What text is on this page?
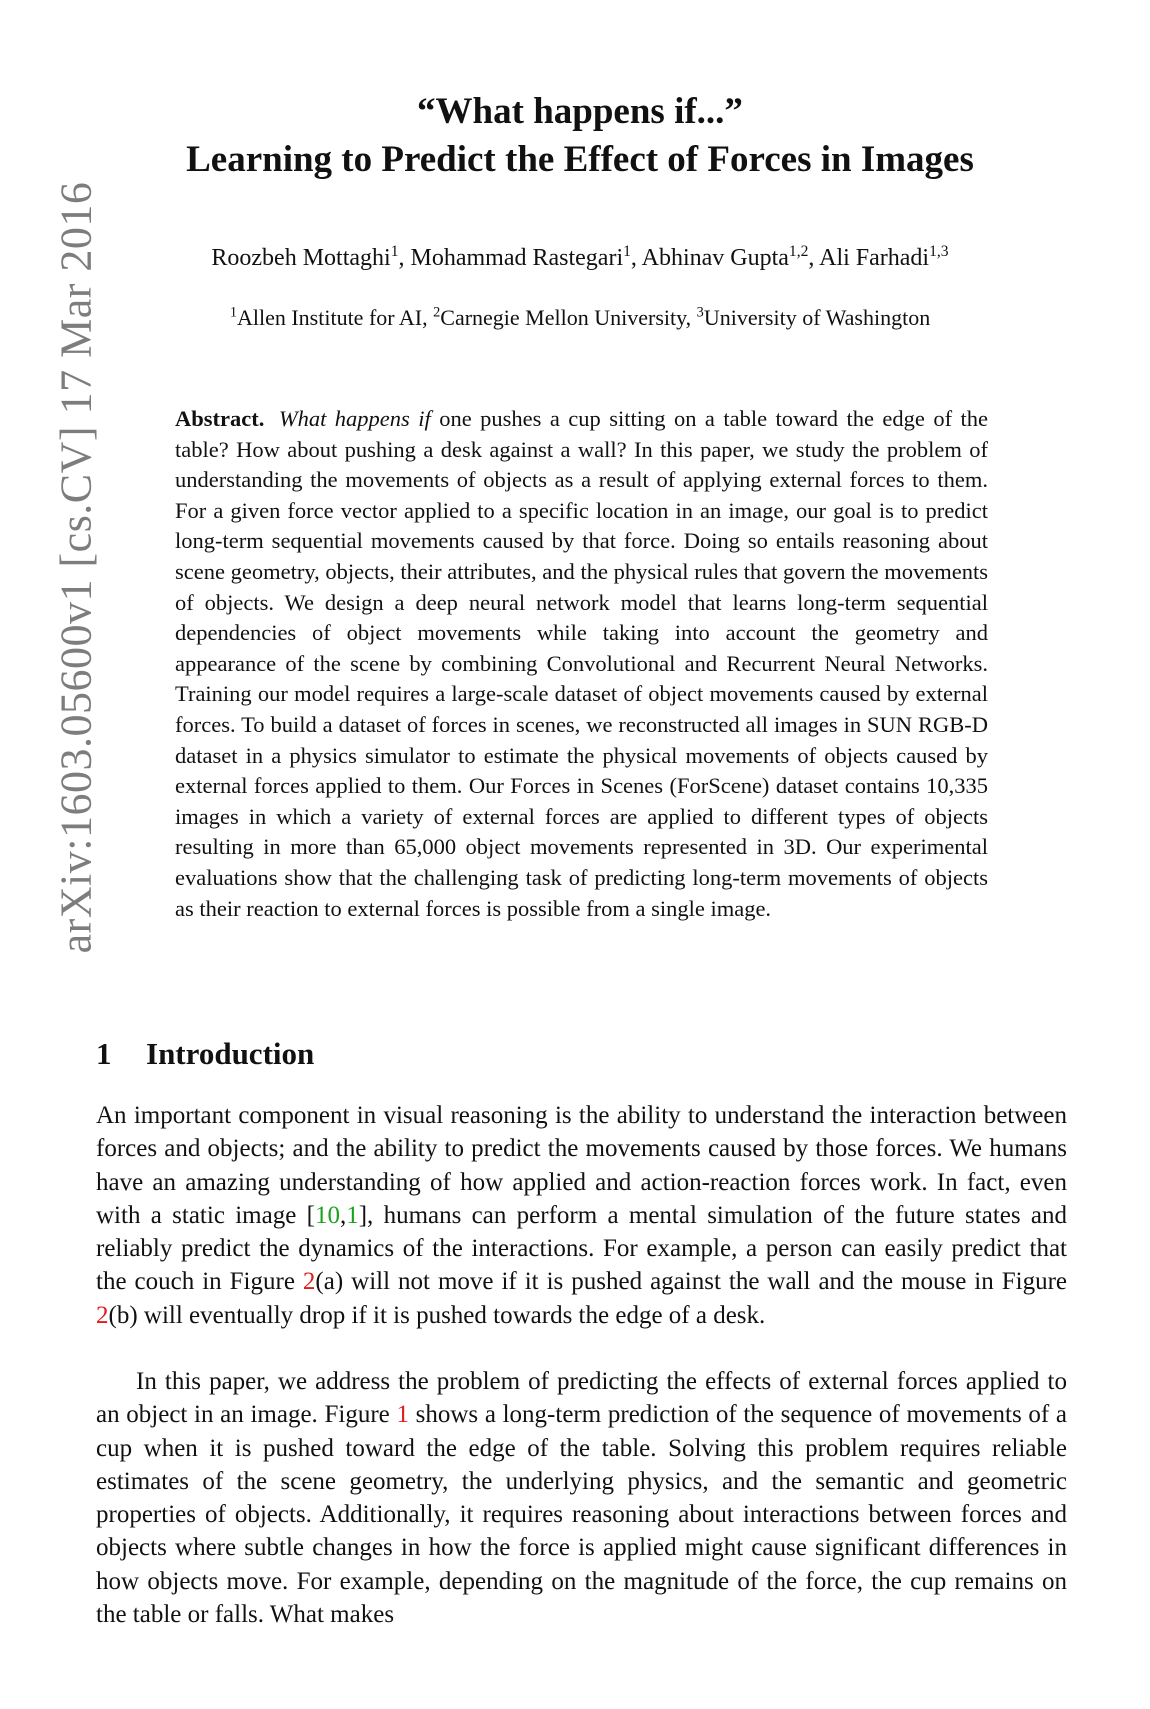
arXiv:1603.05600v1 [cs.CV] 17 Mar 2016
“What happens if...”
Learning to Predict the Effect of Forces in Images
Roozbeh Mottaghi$^1$, Mohammad Rastegari$^1$, Abhinav Gupta$^{1,2}$, Ali Farhadi$^{1,3}$
$^1$Allen Institute for AI, $^2$Carnegie Mellon University, $^3$University of Washington
Abstract. What happens if one pushes a cup sitting on a table toward the edge of the table? How about pushing a desk against a wall? In this paper, we study the problem of understanding the movements of objects as a result of applying external forces to them. For a given force vector applied to a specific location in an image, our goal is to predict long-term sequential movements caused by that force. Doing so entails reasoning about scene geometry, objects, their attributes, and the physical rules that govern the movements of objects. We design a deep neural network model that learns long-term sequential dependencies of object movements while taking into account the geometry and appearance of the scene by combining Convolutional and Recurrent Neural Networks. Training our model requires a large-scale dataset of object movements caused by external forces. To build a dataset of forces in scenes, we reconstructed all images in SUN RGB-D dataset in a physics simulator to estimate the physical movements of objects caused by external forces applied to them. Our Forces in Scenes (ForScene) dataset contains 10,335 images in which a variety of external forces are applied to different types of objects resulting in more than 65,000 object movements represented in 3D. Our experimental evaluations show that the challenging task of predicting long-term movements of objects as their reaction to external forces is possible from a single image.
1 Introduction
An important component in visual reasoning is the ability to understand the interaction between forces and objects; and the ability to predict the movements caused by those forces. We humans have an amazing understanding of how applied and action-reaction forces work. In fact, even with a static image [10,1], humans can perform a mental simulation of the future states and reliably predict the dynamics of the interactions. For example, a person can easily predict that the couch in Figure 2(a) will not move if it is pushed against the wall and the mouse in Figure 2(b) will eventually drop if it is pushed towards the edge of a desk.
In this paper, we address the problem of predicting the effects of external forces applied to an object in an image. Figure 1 shows a long-term prediction of the sequence of movements of a cup when it is pushed toward the edge of the table. Solving this problem requires reliable estimates of the scene geometry, the underlying physics, and the semantic and geometric properties of objects. Additionally, it requires reasoning about interactions between forces and objects where subtle changes in how the force is applied might cause significant differences in how objects move. For example, depending on the magnitude of the force, the cup remains on the table or falls. What makes
